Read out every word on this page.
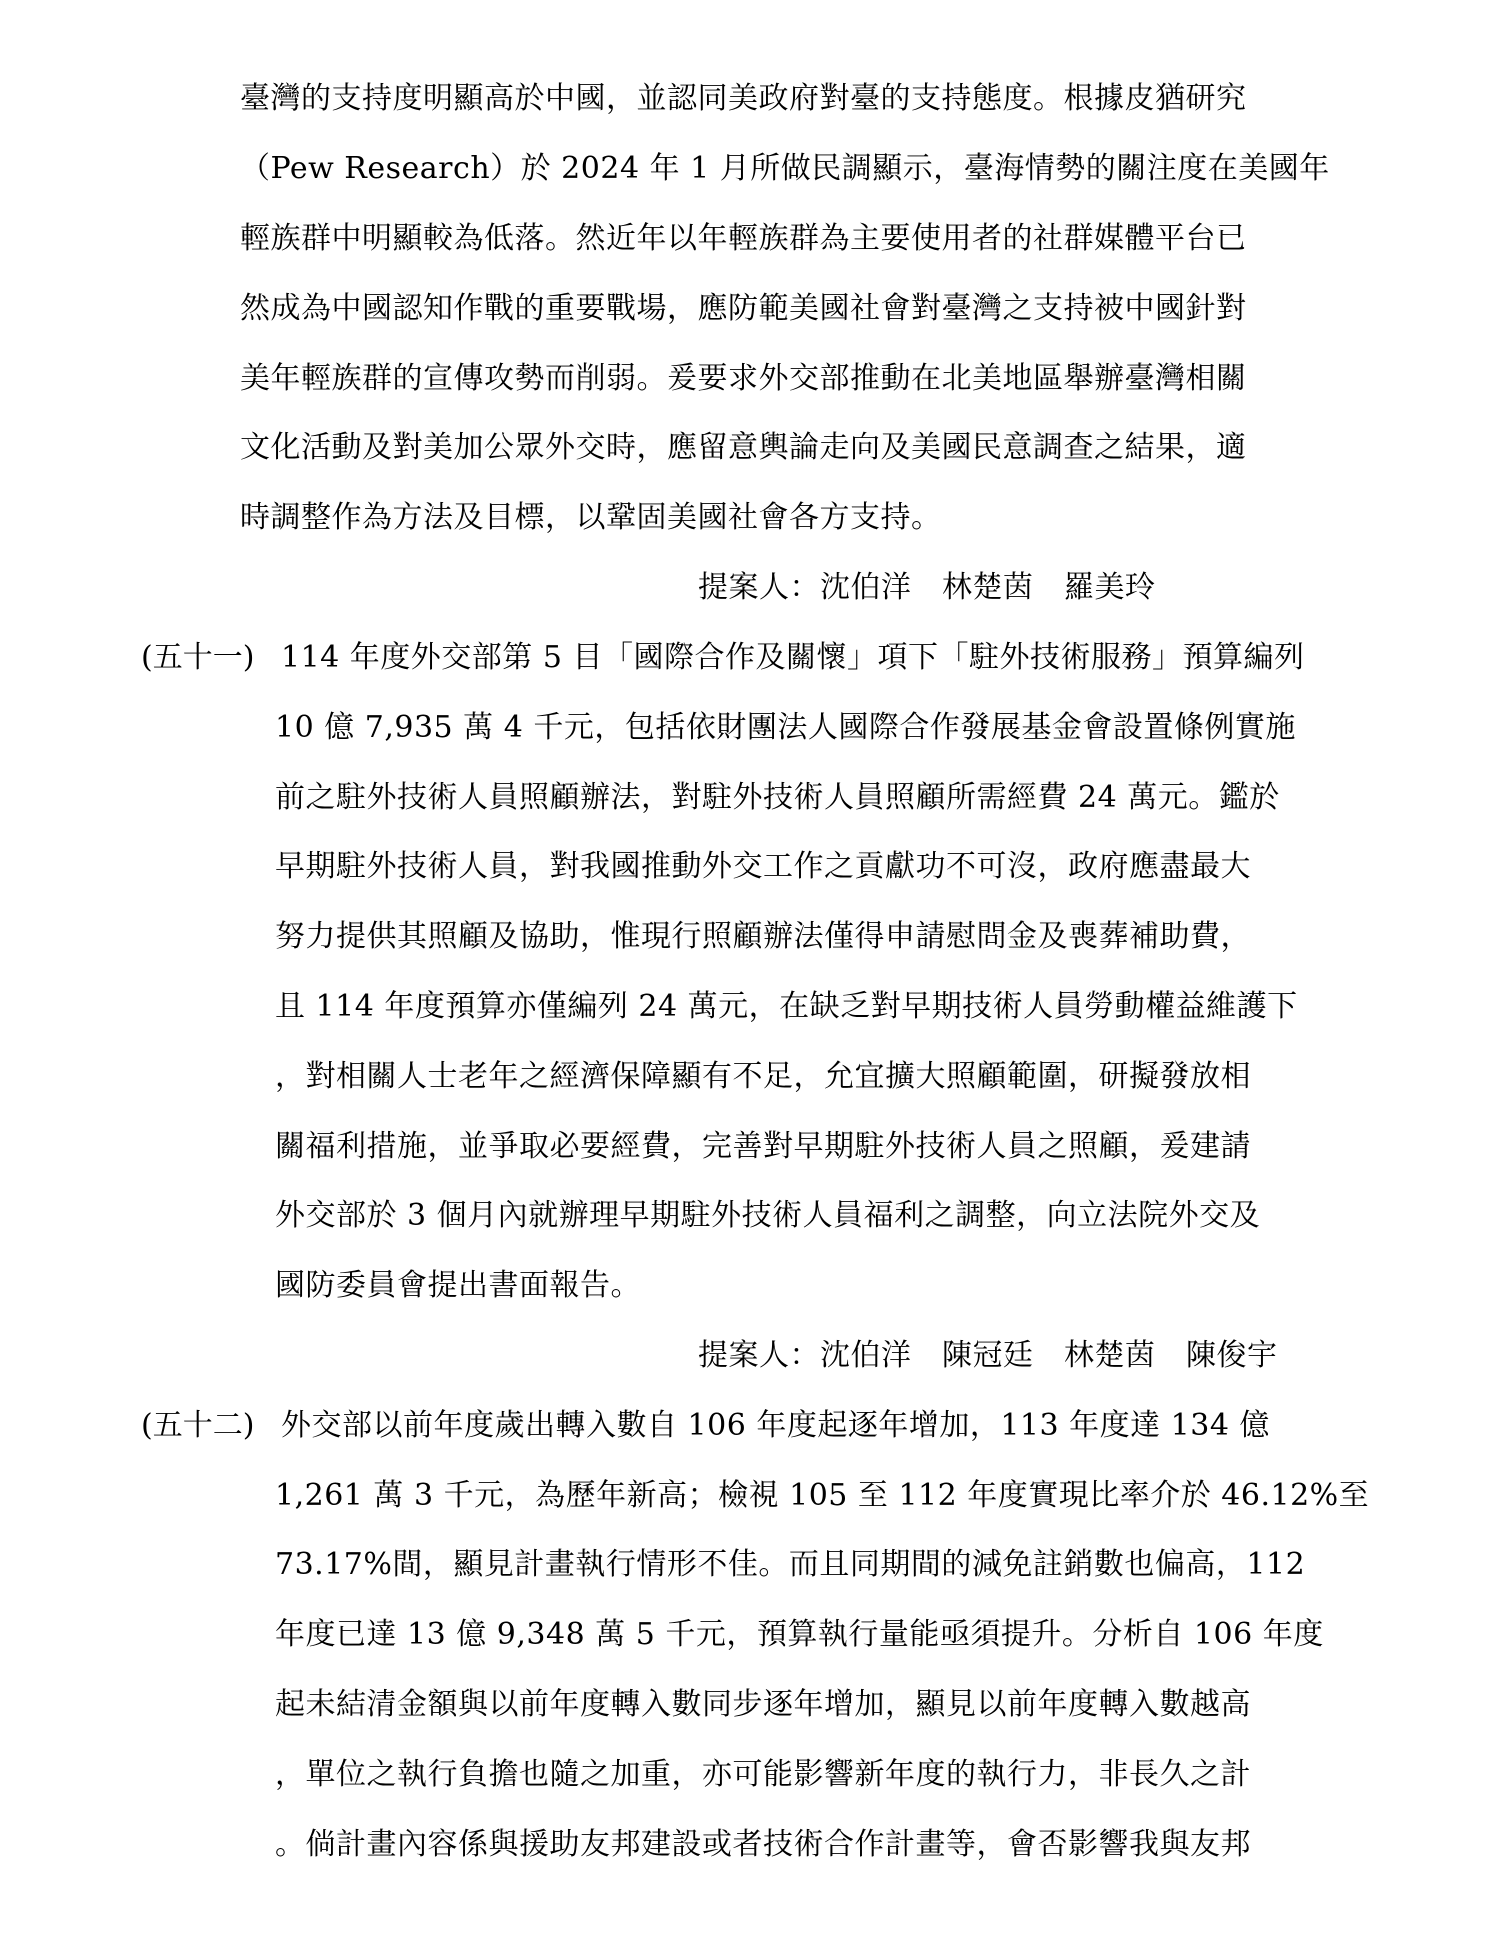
臺灣的支持度明顯高於中國，並認同美政府對臺的支持態度。根據皮猶研究
（Pew Research）於 2024 年 1 月所做民調顯示，臺海情勢的關注度在美國年
輕族群中明顯較為低落。然近年以年輕族群為主要使用者的社群媒體平台已
然成為中國認知作戰的重要戰場，應防範美國社會對臺灣之支持被中國針對
美年輕族群的宣傳攻勢而削弱。爰要求外交部推動在北美地區舉辦臺灣相關
文化活動及對美加公眾外交時，應留意輿論走向及美國民意調查之結果，適
時調整作為方法及目標，以鞏固美國社會各方支持。
提案人：沈伯洋　林楚茵　羅美玲
(五十一) 114 年度外交部第 5 目「國際合作及關懷」項下「駐外技術服務」預算編列
10 億 7,935 萬 4 千元，包括依財團法人國際合作發展基金會設置條例實施
前之駐外技術人員照顧辦法，對駐外技術人員照顧所需經費 24 萬元。鑑於
早期駐外技術人員，對我國推動外交工作之貢獻功不可沒，政府應盡最大
努力提供其照顧及協助，惟現行照顧辦法僅得申請慰問金及喪葬補助費，
且 114 年度預算亦僅編列 24 萬元，在缺乏對早期技術人員勞動權益維護下
，對相關人士老年之經濟保障顯有不足，允宜擴大照顧範圍，研擬發放相
關福利措施，並爭取必要經費，完善對早期駐外技術人員之照顧，爰建請
外交部於 3 個月內就辦理早期駐外技術人員福利之調整，向立法院外交及
國防委員會提出書面報告。
提案人：沈伯洋　陳冠廷　林楚茵　陳俊宇
(五十二) 外交部以前年度歲出轉入數自 106 年度起逐年增加，113 年度達 134 億
1,261 萬 3 千元，為歷年新高；檢視 105 至 112 年度實現比率介於 46.12%至
73.17%間，顯見計畫執行情形不佳。而且同期間的減免註銷數也偏高，112
年度已達 13 億 9,348 萬 5 千元，預算執行量能亟須提升。分析自 106 年度
起未結清金額與以前年度轉入數同步逐年增加，顯見以前年度轉入數越高
，單位之執行負擔也隨之加重，亦可能影響新年度的執行力，非長久之計
。倘計畫內容係與援助友邦建設或者技術合作計畫等，會否影響我與友邦
